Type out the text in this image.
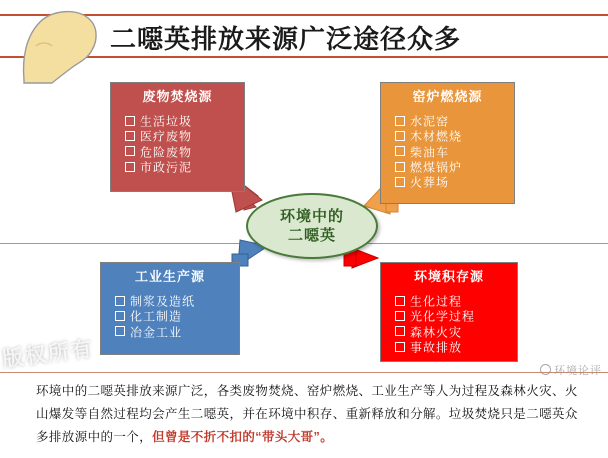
二噁英排放来源广泛途径众多
废物焚烧源
生活垃圾
医疗废物
危险废物
市政污泥
窑炉燃烧源
水泥窑
木材燃烧
柴油车
燃煤锅炉
火葬场
环境中的
二噁英
工业生产源
制浆及造纸
化工制造
冶金工业
环境积存源
生化过程
光化学过程
森林火灾
事故排放
环境中的二噁英排放来源广泛，各类废物焚烧、窑炉燃烧、工业生产等人为过程及森林火灾、火山爆发等自然过程均会产生二噁英，并在环境中积存、重新释放和分解。垃圾焚烧只是二噁英众多排放源中的一个，但曾是不折不扣的“带头大哥”。
版权所有	环境论评
